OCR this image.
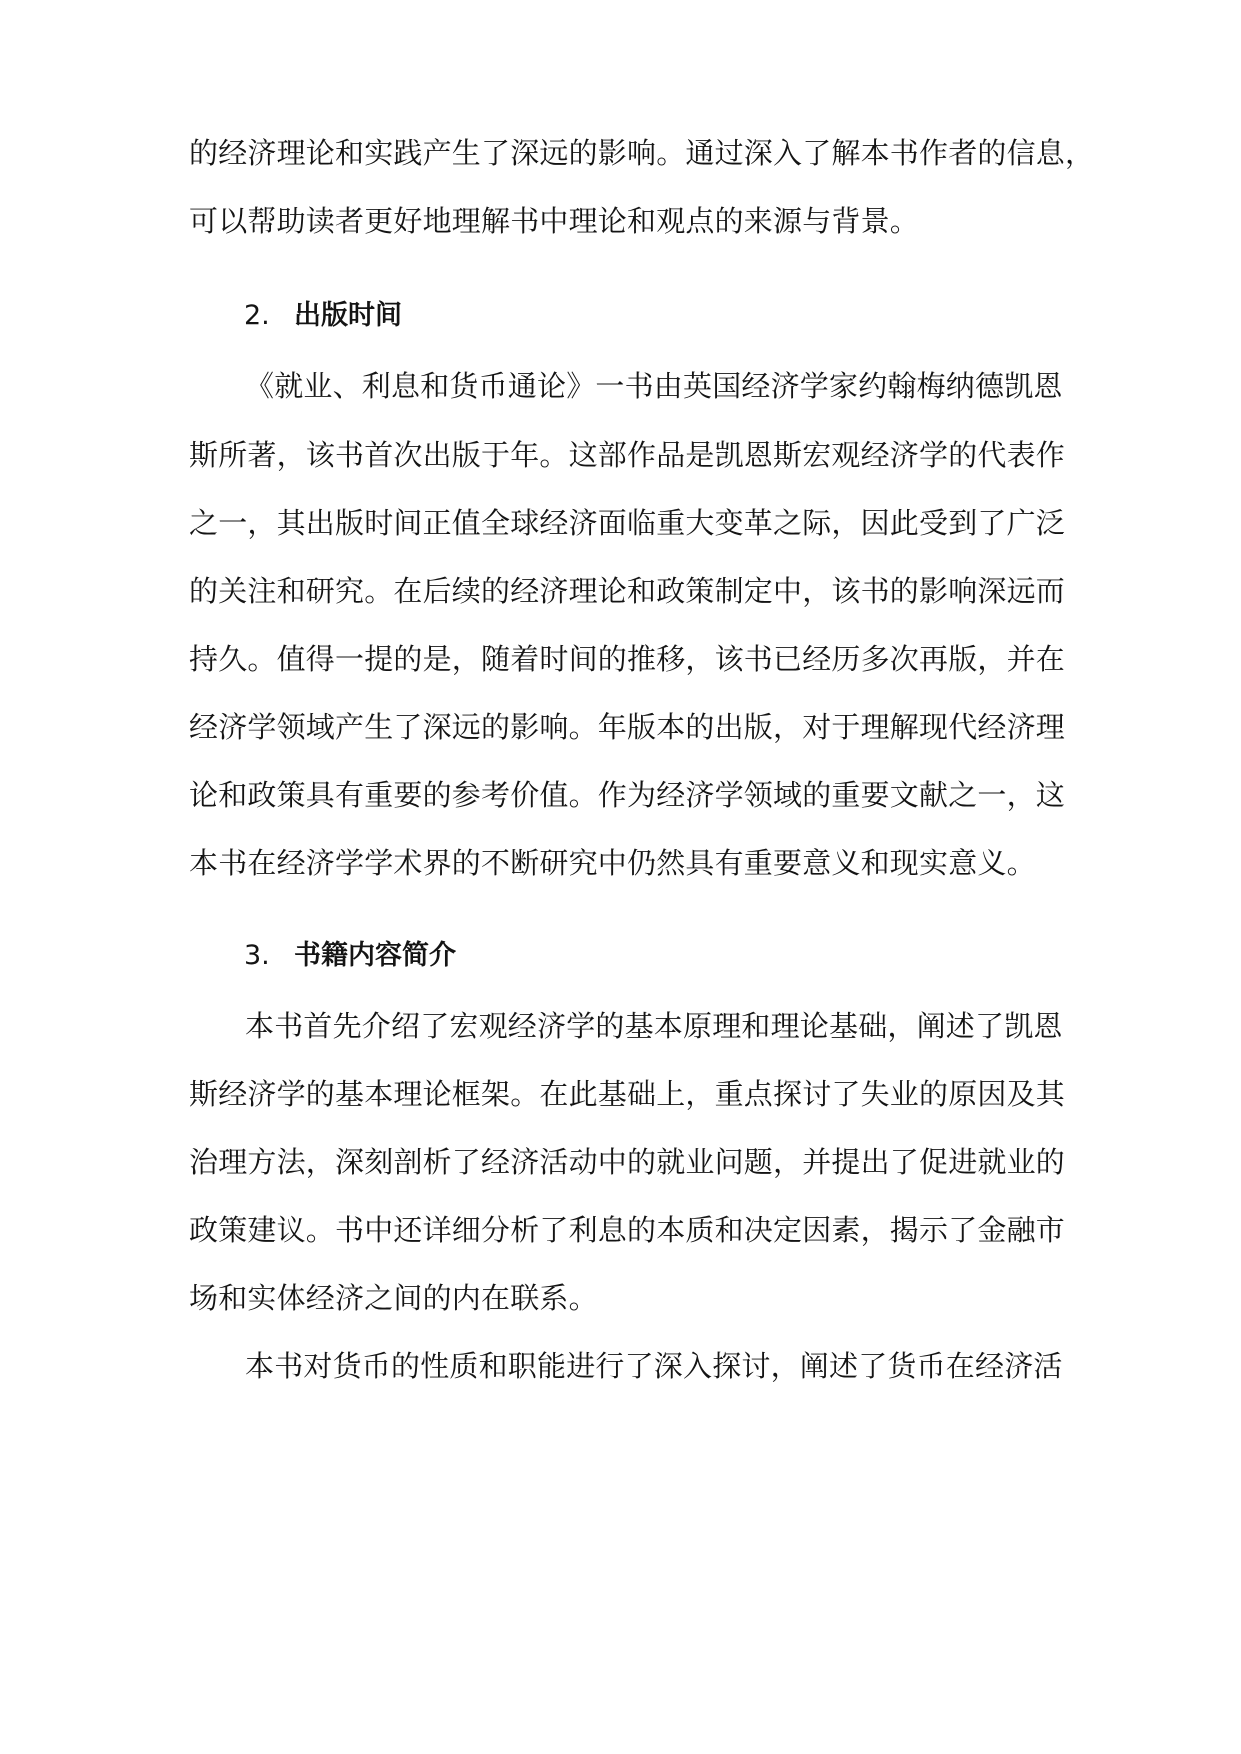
的经济理论和实践产生了深远的影响。通过深入了解本书作者的信息，
可以帮助读者更好地理解书中理论和观点的来源与背景。
2. 出版时间
《就业、利息和货币通论》一书由英国经济学家约翰梅纳德凯恩
斯所著，该书首次出版于年。这部作品是凯恩斯宏观经济学的代表作
之一，其出版时间正值全球经济面临重大变革之际，因此受到了广泛
的关注和研究。在后续的经济理论和政策制定中，该书的影响深远而
持久。值得一提的是，随着时间的推移，该书已经历多次再版，并在
经济学领域产生了深远的影响。年版本的出版，对于理解现代经济理
论和政策具有重要的参考价值。作为经济学领域的重要文献之一，这
本书在经济学学术界的不断研究中仍然具有重要意义和现实意义。
3. 书籍内容简介
本书首先介绍了宏观经济学的基本原理和理论基础，阐述了凯恩
斯经济学的基本理论框架。在此基础上，重点探讨了失业的原因及其
治理方法，深刻剖析了经济活动中的就业问题，并提出了促进就业的
政策建议。书中还详细分析了利息的本质和决定因素，揭示了金融市
场和实体经济之间的内在联系。
本书对货币的性质和职能进行了深入探讨，阐述了货币在经济活
